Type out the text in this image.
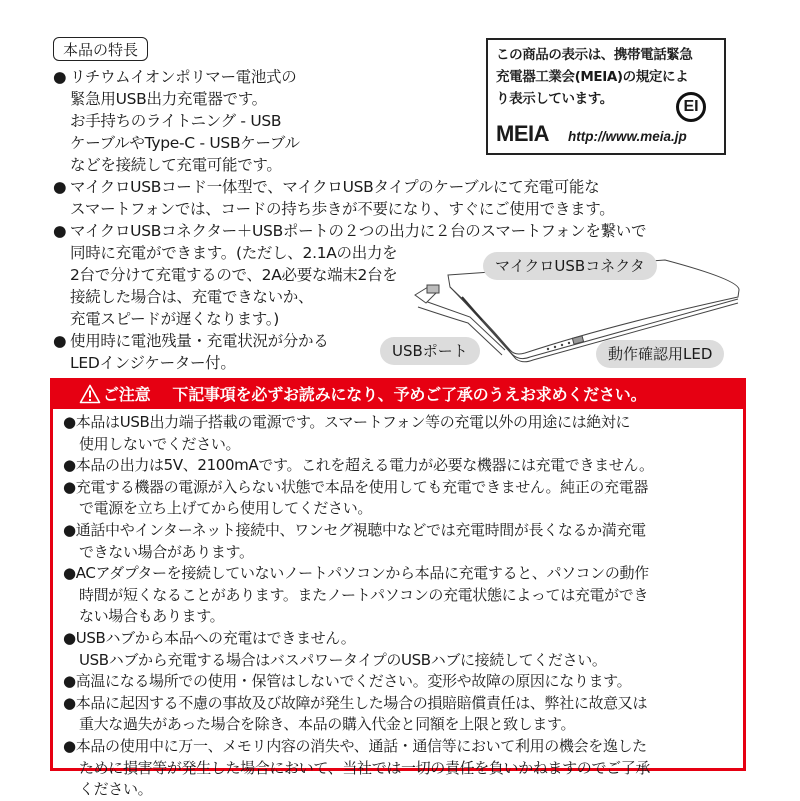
本品の特長
● リチウムイオンポリマー電池式の
緊急用USB出力充電器です。
お手持ちのライトニング - USB
ケーブルやType-C - USBケーブル
などを接続して充電可能です。
● マイクロUSBコード一体型で、マイクロUSBタイプのケーブルにて充電可能な
スマートフォンでは、コードの持ち歩きが不要になり、すぐにご使用できます。
● マイクロUSBコネクター＋USBポートの２つの出力に２台のスマートフォンを繋いで
同時に充電ができます。(ただし、2.1Aの出力を
2台で分けて充電するので、2A必要な端末2台を
接続した場合は、充電できないか、
充電スピードが遅くなります。)
● 使用時に電池残量・充電状況が分かる
LEDインジケーター付。
この商品の表示は、携帯電話緊急
充電器工業会(MEIA)の規定によ
り表示しています。	EI
MEIA http://www.meia.jp
マイクロUSBコネクタ
USBポート	動作確認用LED
ご注意 下記事項を必ずお読みになり、予めご了承のうえお求めください。
●本品はUSB出力端子搭載の電源です。スマートフォン等の充電以外の用途には絶対に
使用しないでください。
●本品の出力は5V、2100mAです。これを超える電力が必要な機器には充電できません。
●充電する機器の電源が入らない状態で本品を使用しても充電できません。純正の充電器
で電源を立ち上げてから使用してください。
●通話中やインターネット接続中、ワンセグ視聴中などでは充電時間が長くなるか満充電
できない場合があります。
●ACアダプターを接続していないノートパソコンから本品に充電すると、パソコンの動作
時間が短くなることがあります。またノートパソコンの充電状態によっては充電ができ
ない場合もあります。
●USBハブから本品への充電はできません。
USBハブから充電する場合はバスパワータイプのUSBハブに接続してください。
●高温になる場所での使用・保管はしないでください。変形や故障の原因になります。
●本品に起因する不慮の事故及び故障が発生した場合の損賠賠償責任は、弊社に故意又は
重大な過失があった場合を除き、本品の購入代金と同額を上限と致します。
●本品の使用中に万一、メモリ内容の消失や、通話・通信等において利用の機会を逸した
ために損害等が発生した場合において、当社では一切の責任を負いかねますのでご了承
ください。
